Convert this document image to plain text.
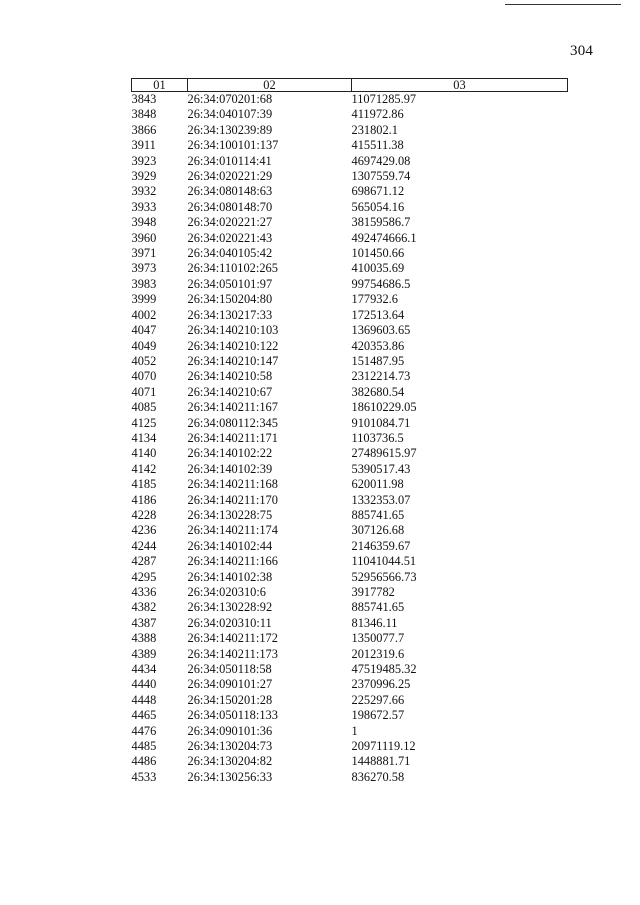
304
01	02	03
3843	26:34:070201:68	11071285.97
3848	26:34:040107:39	411972.86
3866	26:34:130239:89	231802.1
3911	26:34:100101:137	415511.38
3923	26:34:010114:41	4697429.08
3929	26:34:020221:29	1307559.74
3932	26:34:080148:63	698671.12
3933	26:34:080148:70	565054.16
3948	26:34:020221:27	38159586.7
3960	26:34:020221:43	492474666.1
3971	26:34:040105:42	101450.66
3973	26:34:110102:265	410035.69
3983	26:34:050101:97	99754686.5
3999	26:34:150204:80	177932.6
4002	26:34:130217:33	172513.64
4047	26:34:140210:103	1369603.65
4049	26:34:140210:122	420353.86
4052	26:34:140210:147	151487.95
4070	26:34:140210:58	2312214.73
4071	26:34:140210:67	382680.54
4085	26:34:140211:167	18610229.05
4125	26:34:080112:345	9101084.71
4134	26:34:140211:171	1103736.5
4140	26:34:140102:22	27489615.97
4142	26:34:140102:39	5390517.43
4185	26:34:140211:168	620011.98
4186	26:34:140211:170	1332353.07
4228	26:34:130228:75	885741.65
4236	26:34:140211:174	307126.68
4244	26:34:140102:44	2146359.67
4287	26:34:140211:166	11041044.51
4295	26:34:140102:38	52956566.73
4336	26:34:020310:6	3917782
4382	26:34:130228:92	885741.65
4387	26:34:020310:11	81346.11
4388	26:34:140211:172	1350077.7
4389	26:34:140211:173	2012319.6
4434	26:34:050118:58	47519485.32
4440	26:34:090101:27	2370996.25
4448	26:34:150201:28	225297.66
4465	26:34:050118:133	198672.57
4476	26:34:090101:36	1
4485	26:34:130204:73	20971119.12
4486	26:34:130204:82	1448881.71
4533	26:34:130256:33	836270.58
